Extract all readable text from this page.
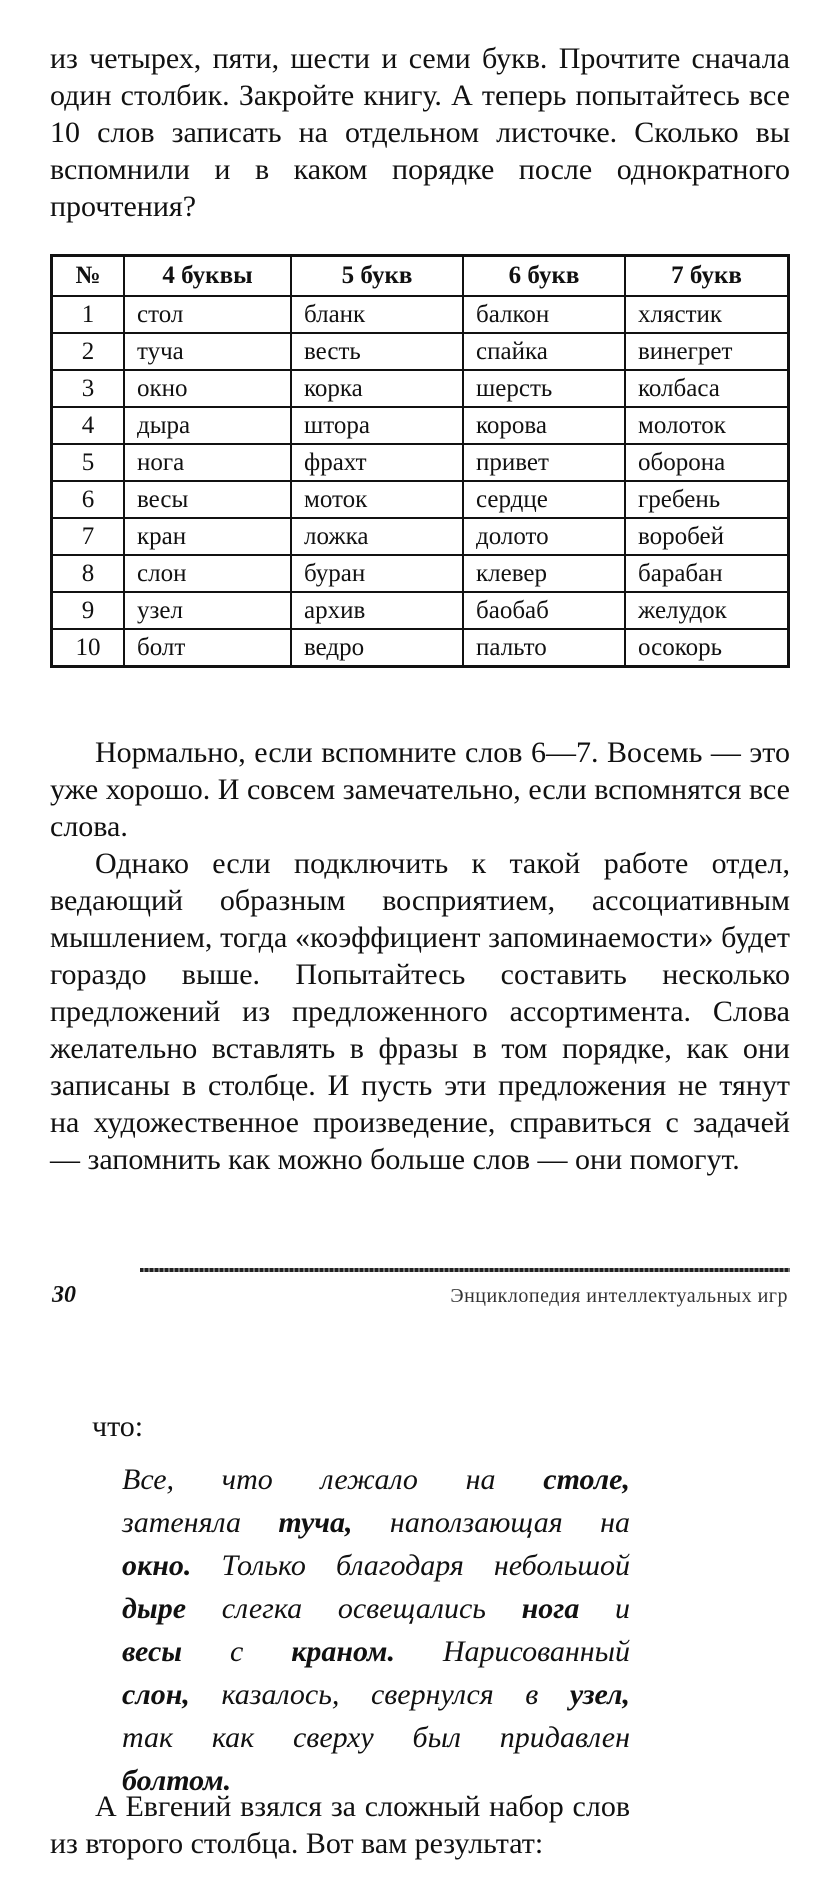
из четырех, пяти, шести и семи букв. Прочтите сначала один столбик. Закройте книгу. А теперь попытайтесь все 10 слов записать на отдельном листочке. Сколько вы вспомнили и в каком порядке после однократного прочтения?

№	4 буквы	5 букв	6 букв	7 букв
1	стол	бланк	балкон	хлястик
2	туча	весть	спайка	винегрет
3	окно	корка	шерсть	колбаса
4	дыра	штора	корова	молоток
5	нога	фрахт	привет	оборона
6	весы	моток	сердце	гребень
7	кран	ложка	долото	воробей
8	слон	буран	клевер	барабан
9	узел	архив	баобаб	желудок
10	болт	ведро	пальто	осокорь

Нормально, если вспомните слов 6—7. Восемь — это уже хорошо. И совсем замечательно, если вспомнятся все слова.

Однако если подключить к такой работе отдел, ведающий образным восприятием, ассоциативным мышлением, тогда «коэффициент запоминаемости» будет гораздо выше. Попытайтесь составить несколько предложений из предложенного ассортимента. Слова желательно вставлять в фразы в том порядке, как они записаны в столбце. И пусть эти предложения не тянут на художественное произведение, справиться с задачей — запомнить как можно больше слов — они помогут.

30	Энциклопедия интеллектуальных игр

что:

Все, что лежало на столе,
затеняла туча, наползающая на
окно. Только благодаря небольшой
дыре слегка освещались нога и
весы с краном. Нарисованный
слон, казалось, свернулся в узел,
так как сверху был придавлен
болтом.

А Евгений взялся за сложный набор слов из второго столбца. Вот вам результат:
